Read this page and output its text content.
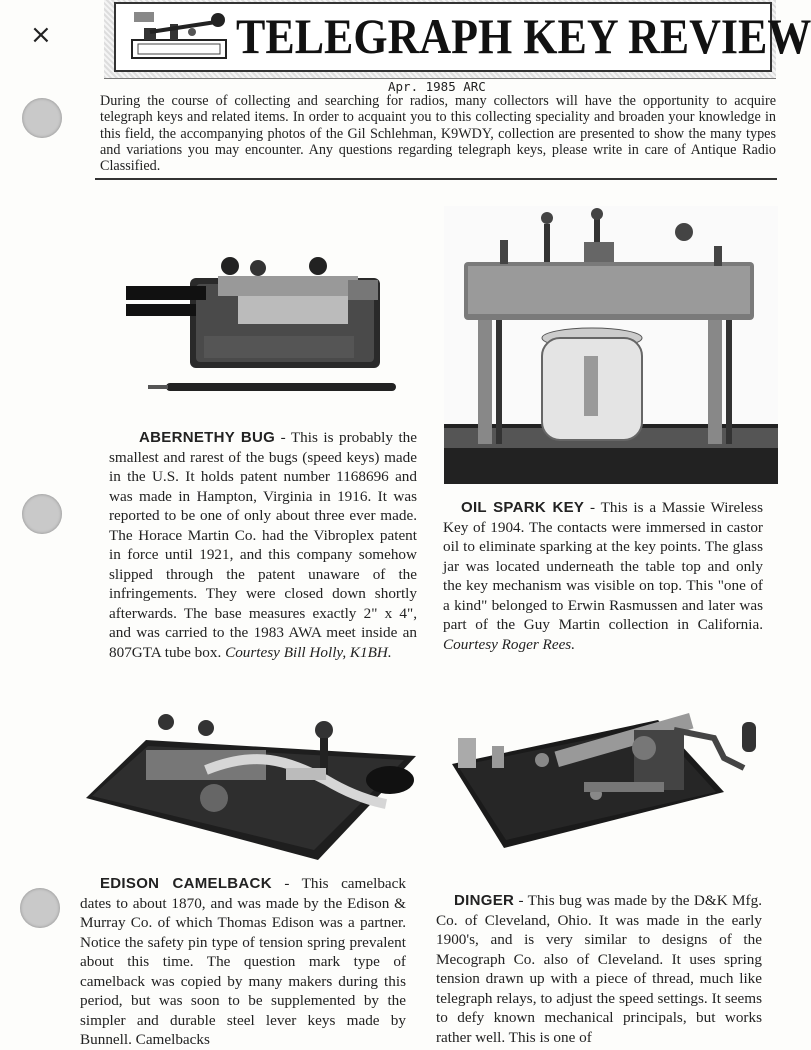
×	TELEGRAPH KEY REVIEW
Apr. 1985 ARC
During the course of collecting and searching for radios, many collectors will have the opportunity to acquire telegraph keys and related items. In order to acquaint you to this collecting speciality and broaden your knowledge in this field, the accompanying photos of the Gil Schlehman, K9WDY, collection are presented to show the many types and variations you may encounter. Any questions regarding telegraph keys, please write in care of Antique Radio Classified.
ABERNETHY BUG - This is probably the smallest and rarest of the bugs (speed keys) made in the U.S. It holds patent number 1168696 and was made in Hampton, Virginia in 1916. It was reported to be one of only about three ever made. The Horace Martin Co. had the Vibroplex patent in force until 1921, and this company somehow slipped through the patent unaware of the infringements. They were closed down shortly afterwards. The base measures exactly 2" x 4", and was carried to the 1983 AWA meet inside an 807GTA tube box. Courtesy Bill Holly, K1BH.
OIL SPARK KEY - This is a Massie Wireless Key of 1904. The contacts were immersed in castor oil to eliminate sparking at the key points. The glass jar was located underneath the table top and only the key mechanism was visible on top. This "one of a kind" belonged to Erwin Rasmussen and later was part of the Guy Martin collection in California. Courtesy Roger Rees.
EDISON CAMELBACK - This camelback dates to about 1870, and was made by the Edison & Murray Co. of which Thomas Edison was a partner. Notice the safety pin type of tension spring prevalent about this time. The question mark type of camelback was copied by many makers during this period, but was soon to be supplemented by the simpler and durable steel lever keys made by Bunnell. Camelbacks
DINGER - This bug was made by the D&K Mfg. Co. of Cleveland, Ohio. It was made in the early 1900's, and is very similar to designs of the Mecograph Co. also of Cleveland. It uses spring tension drawn up with a piece of thread, much like telegraph relays, to adjust the speed settings. It seems to defy known mechanical principals, but works rather well. This is one of
